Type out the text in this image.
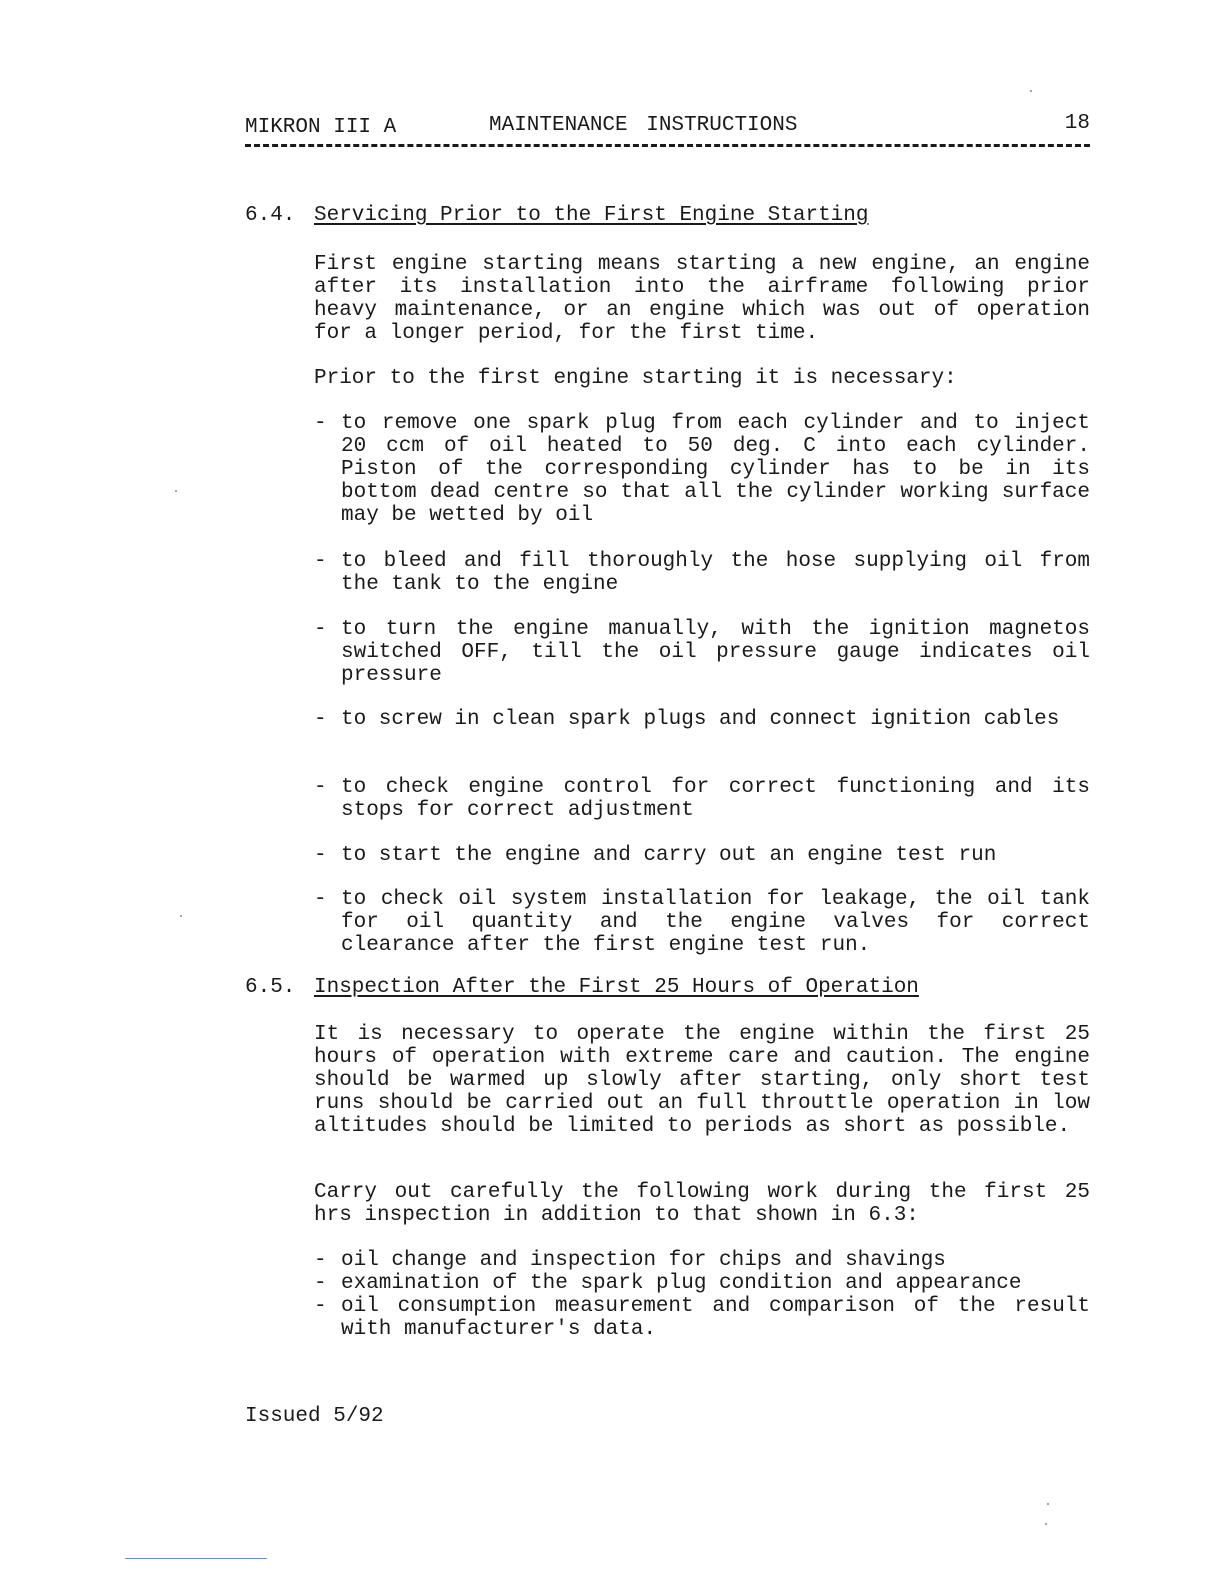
MIKRON III A	MAINTENANCE INSTRUCTIONS	18
6.4. Servicing Prior to the First Engine Starting
First engine starting means starting a new engine, an engine after its installation into the airframe following prior heavy maintenance, or an engine which was out of operation for a longer period, for the first time.
Prior to the first engine starting it is necessary:
- to remove one spark plug from each cylinder and to inject 20 ccm of oil heated to 50 deg. C into each cylinder. Piston of the corresponding cylinder has to be in its bottom dead centre so that all the cylinder working surface may be wetted by oil
- to bleed and fill thoroughly the hose supplying oil from the tank to the engine
- to turn the engine manually, with the ignition magnetos switched OFF, till the oil pressure gauge indicates oil pressure
- to screw in clean spark plugs and connect ignition cables
- to check engine control for correct functioning and its stops for correct adjustment
- to start the engine and carry out an engine test run
- to check oil system installation for leakage, the oil tank for oil quantity and the engine valves for correct clearance after the first engine test run.
6.5. Inspection After the First 25 Hours of Operation
It is necessary to operate the engine within the first 25 hours of operation with extreme care and caution. The engine should be warmed up slowly after starting, only short test runs should be carried out an full throuttle operation in low altitudes should be limited to periods as short as possible.
Carry out carefully the following work during the first 25 hrs inspection in addition to that shown in 6.3:
- oil change and inspection for chips and shavings
- examination of the spark plug condition and appearance
- oil consumption measurement and comparison of the result with manufacturer's data.
Issued 5/92
